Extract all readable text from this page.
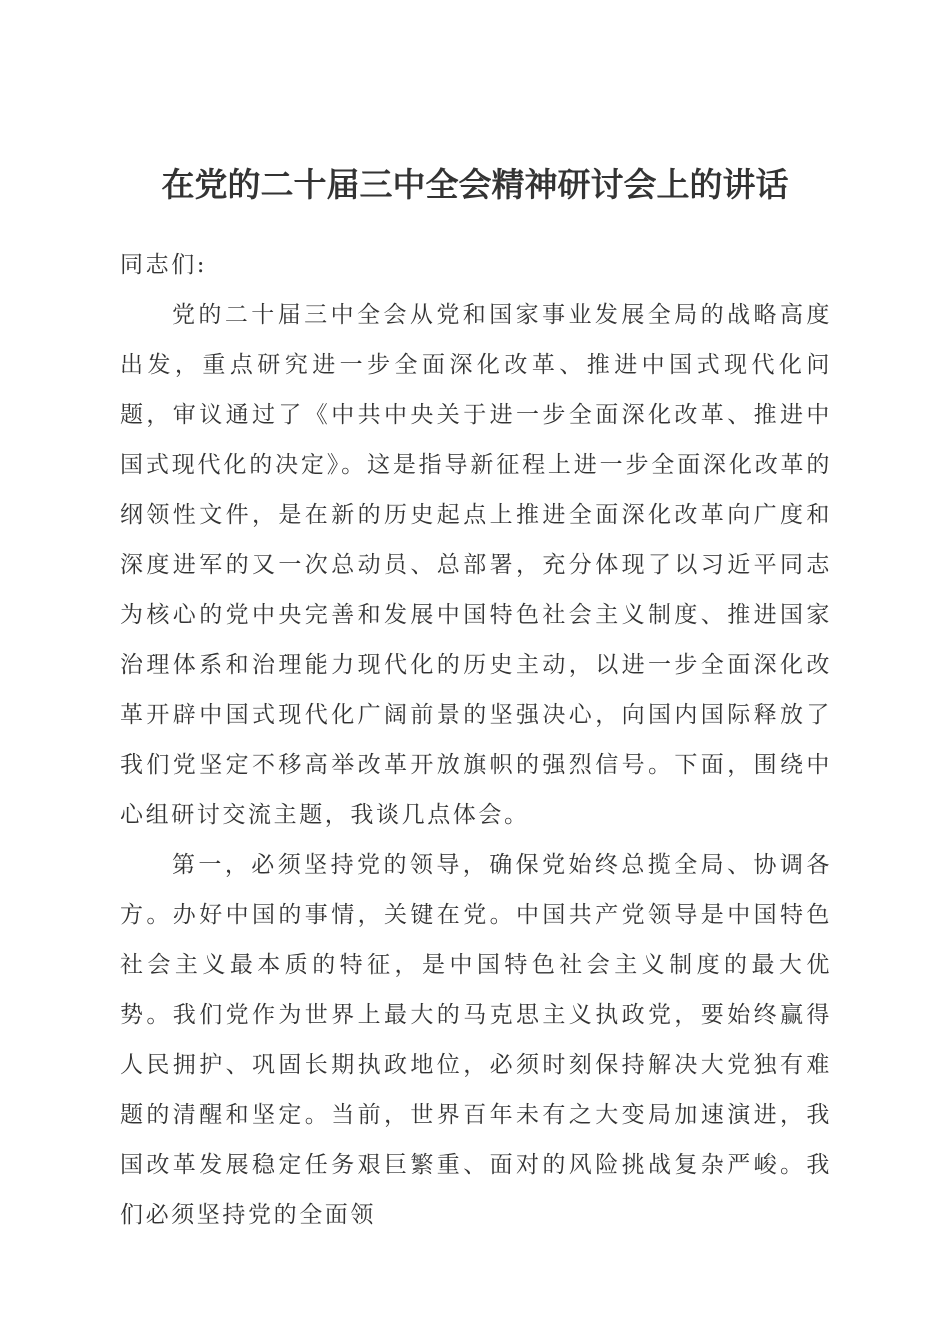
在党的二十届三中全会精神研讨会上的讲话

同志们:

党的二十届三中全会从党和国家事业发展全局的战略高度出发，重点研究进一步全面深化改革、推进中国式现代化问题，审议通过了《中共中央关于进一步全面深化改革、推进中国式现代化的决定》。这是指导新征程上进一步全面深化改革的纲领性文件，是在新的历史起点上推进全面深化改革向广度和深度进军的又一次总动员、总部署，充分体现了以习近平同志为核心的党中央完善和发展中国特色社会主义制度、推进国家治理体系和治理能力现代化的历史主动，以进一步全面深化改革开辟中国式现代化广阔前景的坚强决心，向国内国际释放了我们党坚定不移高举改革开放旗帜的强烈信号。下面，围绕中心组研讨交流主题，我谈几点体会。

第一，必须坚持党的领导，确保党始终总揽全局、协调各方。办好中国的事情，关键在党。中国共产党领导是中国特色社会主义最本质的特征，是中国特色社会主义制度的最大优势。我们党作为世界上最大的马克思主义执政党，要始终赢得人民拥护、巩固长期执政地位，必须时刻保持解决大党独有难题的清醒和坚定。当前，世界百年未有之大变局加速演进，我国改革发展稳定任务艰巨繁重、面对的风险挑战复杂严峻。我们必须坚持党的全面领
